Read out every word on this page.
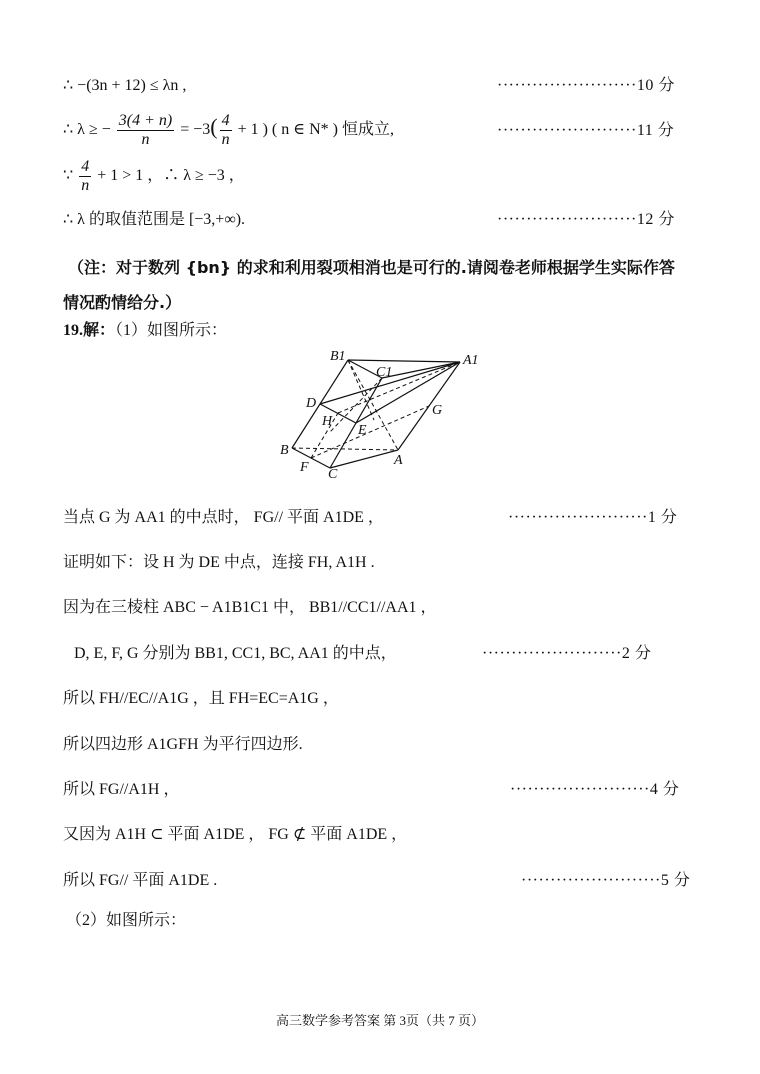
∴ −(3n + 12) ≤ λn ,	························10 分
∴ λ ≥ − $\frac{3(4 + n)}{n} = -3( \frac{4}{n} + 1$ ) ( n ∈ N* ) 恒成立,	························11 分
∵ $\frac{4}{n} + 1 > 1$ ，∴ λ ≥ −3 ，
∴ λ 的取值范围是 [−3,+∞).	························12 分
（注：对于数列 {bn} 的求和利用裂项相消也是可行的.请阅卷老师根据学生实际作答
情况酌情给分.）
19.解：（1）如图所示：
B1
C1
A1
D	G
H
E
B
F C
A
当点 G 为 AA1 的中点时， FG// 平面 A1DE ，	························1 分
证明如下：设 H 为 DE 中点，连接 FH, A1H .
因为在三棱柱 ABC − A1B1C1 中， BB1//CC1//AA1 ，
D, E, F, G 分别为 BB1, CC1, BC, AA1 的中点，	························2 分
所以 FH//EC//A1G ，且 FH=EC=A1G ，
所以四边形 A1GFH 为平行四边形.
所以 FG//A1H ，	························4 分
又因为 A1H ⊂ 平面 A1DE ， FG ⊄ 平面 A1DE ，
所以 FG// 平面 A1DE .	························5 分
（2）如图所示：
高三数学参考答案 第 3页（共 7 页）
